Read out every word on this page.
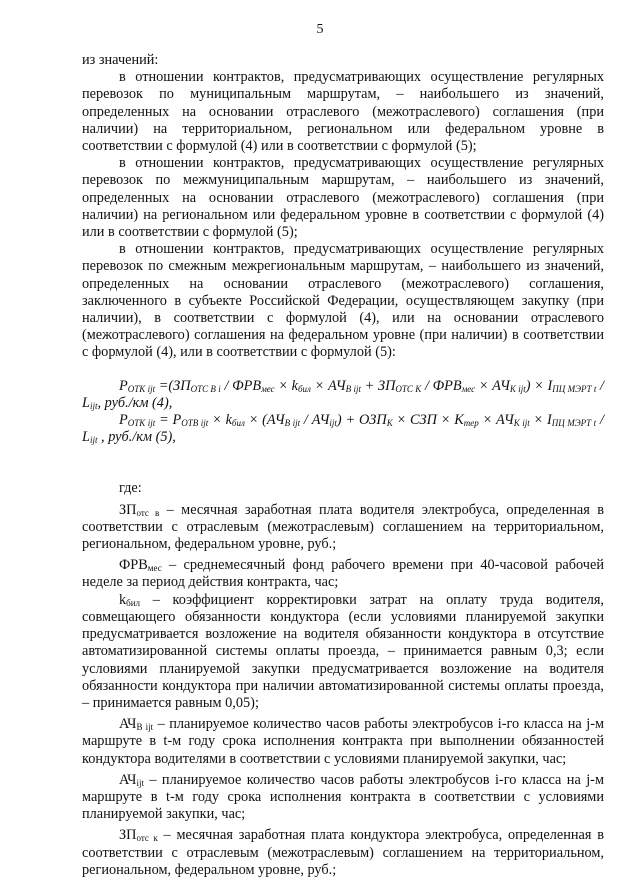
5

из значений:

в отношении контрактов, предусматривающих осуществление регулярных перевозок по муниципальным маршрутам, – наибольшего из значений, определенных на основании отраслевого (межотраслевого) соглашения (при наличии) на территориальном, региональном или федеральном уровне в соответствии с формулой (4) или в соответствии с формулой (5);

в отношении контрактов, предусматривающих осуществление регулярных перевозок по межмуниципальным маршрутам, – наибольшего из значений, определенных на основании отраслевого (межотраслевого) соглашения (при наличии) на региональном или федеральном уровне в соответствии с формулой (4) или в соответствии с формулой (5);

в отношении контрактов, предусматривающих осуществление регулярных перевозок по смежным межрегиональным маршрутам, – наибольшего из значений, определенных на основании отраслевого (межотраслевого) соглашения, заключенного в субъекте Российской Федерации, осуществляющем закупку (при наличии), в соответствии с формулой (4), или на основании отраслевого (межотраслевого) соглашения на федеральном уровне (при наличии) в соответствии с формулой (4), или в соответствии с формулой (5):

$P_{OTK ijt} =(ЗП_{OTC B i} / ФРВ_{мес} \times k_{бил} \times АЧ_{B ijt} + ЗП_{OTC K} / ФРВ_{мес} \times АЧ_{K ijt}) \times I_{ПЦ МЭРТ t} / L_{ijt}$, руб./км (4),

$P_{OTK ijt} = P_{OTB ijt} \times k_{бил} \times (АЧ_{B ijt} / АЧ_{ijt}) + ОЗП_K$ × СЗП × $K_{тер} \times АЧ_{K ijt} \times I_{ПЦ МЭРТ t} / L_{ijt}$ , руб./км (5),

где:

$ЗП_{отс в}$ – месячная заработная плата водителя электробуса, определенная в соответствии с отраслевым (межотраслевым) соглашением на территориальном, региональном, федеральном уровне, руб.;

$ФРВ_{мес}$ – среднемесячный фонд рабочего времени при 40-часовой рабочей неделе за период действия контракта, час;

$k_{бил}$ – коэффициент корректировки затрат на оплату труда водителя, совмещающего обязанности кондуктора (если условиями планируемой закупки предусматривается возложение на водителя обязанности кондуктора в отсутствие автоматизированной системы оплаты проезда, – принимается равным 0,3; если условиями планируемой закупки предусматривается возложение на водителя обязанности кондуктора при наличии автоматизированной системы оплаты проезда, – принимается равным 0,05);

$АЧ_{В ijt}$ – планируемое количество часов работы электробусов i-го класса на j-м маршруте в t-м году срока исполнения контракта при выполнении обязанностей кондуктора водителями в соответствии с условиями планируемой закупки, час;

$АЧ_{ijt}$ – планируемое количество часов работы электробусов i-го класса на j-м маршруте в t-м году срока исполнения контракта в соответствии с условиями планируемой закупки, час;

$ЗП_{отс к}$ – месячная заработная плата кондуктора электробуса, определенная в соответствии с отраслевым (межотраслевым) соглашением на территориальном, региональном, федеральном уровне, руб.;
